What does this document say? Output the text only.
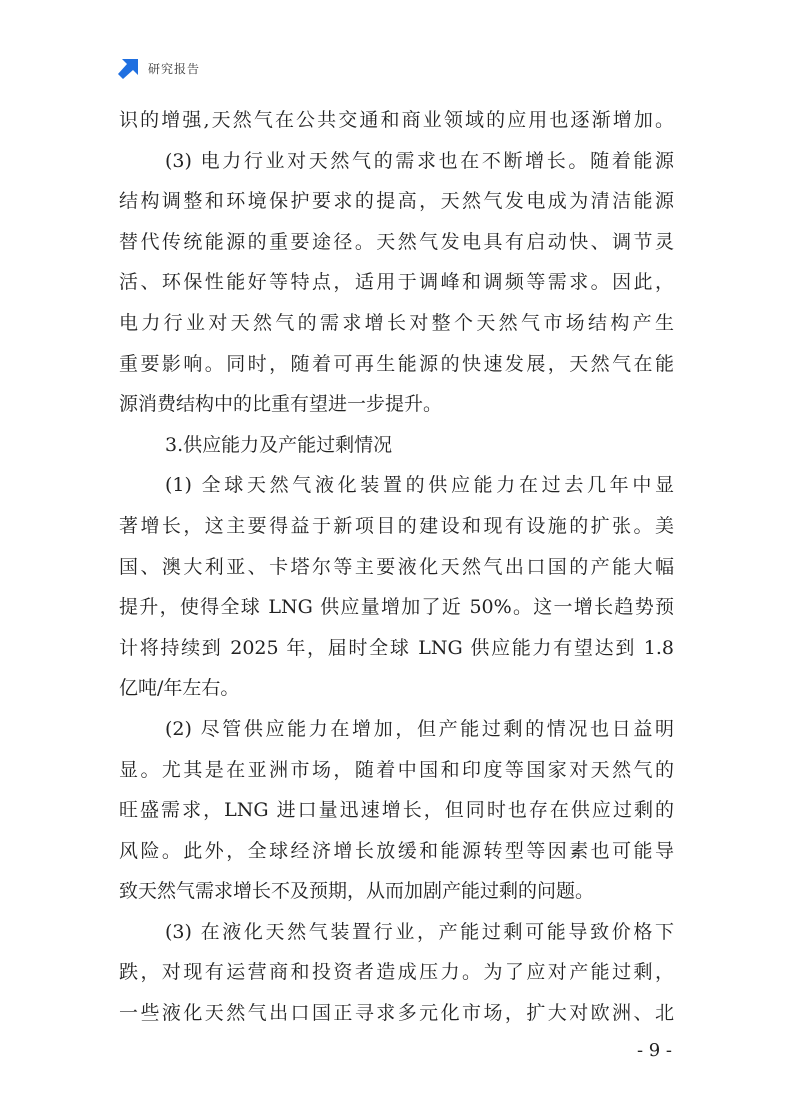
研究报告
识的增强,天然气在公共交通和商业领域的应用也逐渐增加。
(3) 电力行业对天然气的需求也在不断增长。随着能源
结构调整和环境保护要求的提高，天然气发电成为清洁能源
替代传统能源的重要途径。天然气发电具有启动快、调节灵
活、环保性能好等特点，适用于调峰和调频等需求。因此，
电力行业对天然气的需求增长对整个天然气市场结构产生
重要影响。同时，随着可再生能源的快速发展，天然气在能
源消费结构中的比重有望进一步提升。
3.供应能力及产能过剩情况
(1) 全球天然气液化装置的供应能力在过去几年中显
著增长，这主要得益于新项目的建设和现有设施的扩张。美
国、澳大利亚、卡塔尔等主要液化天然气出口国的产能大幅
提升，使得全球 LNG 供应量增加了近 50%。这一增长趋势预
计将持续到 2025 年，届时全球 LNG 供应能力有望达到 1.8
亿吨/年左右。
(2) 尽管供应能力在增加，但产能过剩的情况也日益明
显。尤其是在亚洲市场，随着中国和印度等国家对天然气的
旺盛需求，LNG 进口量迅速增长，但同时也存在供应过剩的
风险。此外，全球经济增长放缓和能源转型等因素也可能导
致天然气需求增长不及预期，从而加剧产能过剩的问题。
(3) 在液化天然气装置行业，产能过剩可能导致价格下
跌，对现有运营商和投资者造成压力。为了应对产能过剩，
一些液化天然气出口国正寻求多元化市场，扩大对欧洲、北
- 9 -
